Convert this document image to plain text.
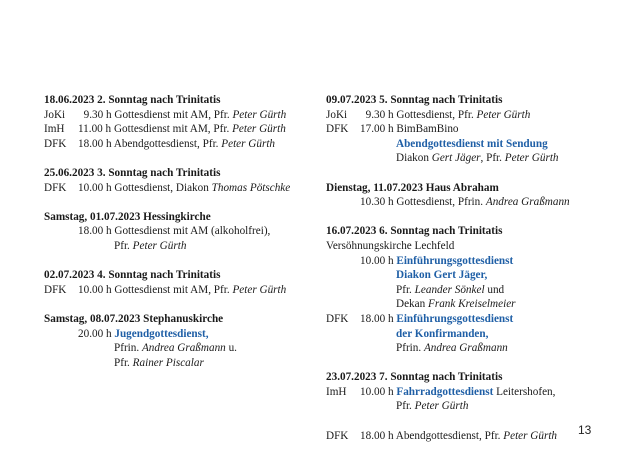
18.06.2023 2. Sonntag nach Trinitatis
JoKi  9.30 h Gottesdienst mit AM, Pfr. Peter Gürth
ImH 11.00 h Gottesdienst mit AM, Pfr. Peter Gürth
DFK 18.00 h Abendgottesdienst, Pfr. Peter Gürth
25.06.2023 3. Sonntag nach Trinitatis
DFK 10.00 h Gottesdienst, Diakon Thomas Pötschke
Samstag, 01.07.2023 Hessingkirche
18.00 h Gottesdienst mit AM (alkoholfrei),
Pfr. Peter Gürth
02.07.2023 4. Sonntag nach Trinitatis
DFK 10.00 h Gottesdienst mit AM, Pfr. Peter Gürth
Samstag, 08.07.2023 Stephanuskirche
20.00 h Jugendgottesdienst,
Pfrin. Andrea Graßmann u.
Pfr. Rainer Piscalar
09.07.2023 5. Sonntag nach Trinitatis
JoKi  9.30 h Gottesdienst, Pfr. Peter Gürth
DFK 17.00 h BimBamBino
Abendgottesdienst mit Sendung
Diakon Gert Jäger, Pfr. Peter Gürth
Dienstag, 11.07.2023 Haus Abraham
10.30 h Gottesdienst, Pfrin. Andrea Graßmann
16.07.2023 6. Sonntag nach Trinitatis
Versöhnungskirche Lechfeld
10.00 h Einführungsgottesdienst
Diakon Gert Jäger,
Pfr. Leander Sönkel und
Dekan Frank Kreiselmeier
DFK 18.00 h Einführungsgottesdienst
der Konfirmanden,
Pfrin. Andrea Graßmann
23.07.2023 7. Sonntag nach Trinitatis
ImH 10.00 h Fahrradgottesdienst Leitershofen,
Pfr. Peter Gürth
DFK 18.00 h Abendgottesdienst, Pfr. Peter Gürth	13
